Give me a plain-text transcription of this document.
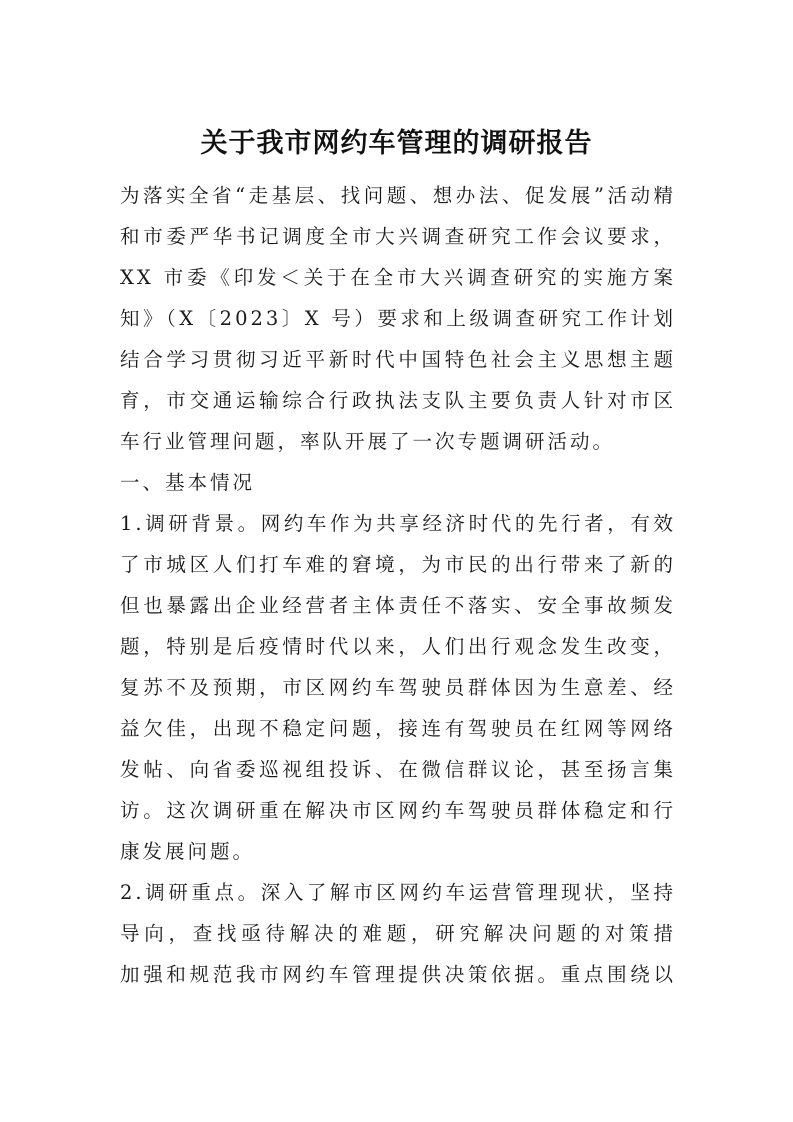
关于我市网约车管理的调研报告
为落实全省“走基层、找问题、想办法、促发展”活动精
和市委严华书记调度全市大兴调查研究工作会议要求，
XX 市委《印发＜关于在全市大兴调查研究的实施方案
知》（X〔2023〕X 号）要求和上级调查研究工作计划
结合学习贯彻习近平新时代中国特色社会主义思想主题
育，市交通运输综合行政执法支队主要负责人针对市区
车行业管理问题，率队开展了一次专题调研活动。
一、基本情况
1.调研背景。网约车作为共享经济时代的先行者，有效
了市城区人们打车难的窘境，为市民的出行带来了新的
但也暴露出企业经营者主体责任不落实、安全事故频发
题，特别是后疫情时代以来，人们出行观念发生改变，
复苏不及预期，市区网约车驾驶员群体因为生意差、经
益欠佳，出现不稳定问题，接连有驾驶员在红网等网络
发帖、向省委巡视组投诉、在微信群议论，甚至扬言集
访。这次调研重在解决市区网约车驾驶员群体稳定和行
康发展问题。
2.调研重点。深入了解市区网约车运营管理现状，坚持
导向，查找亟待解决的难题，研究解决问题的对策措
加强和规范我市网约车管理提供决策依据。重点围绕以
